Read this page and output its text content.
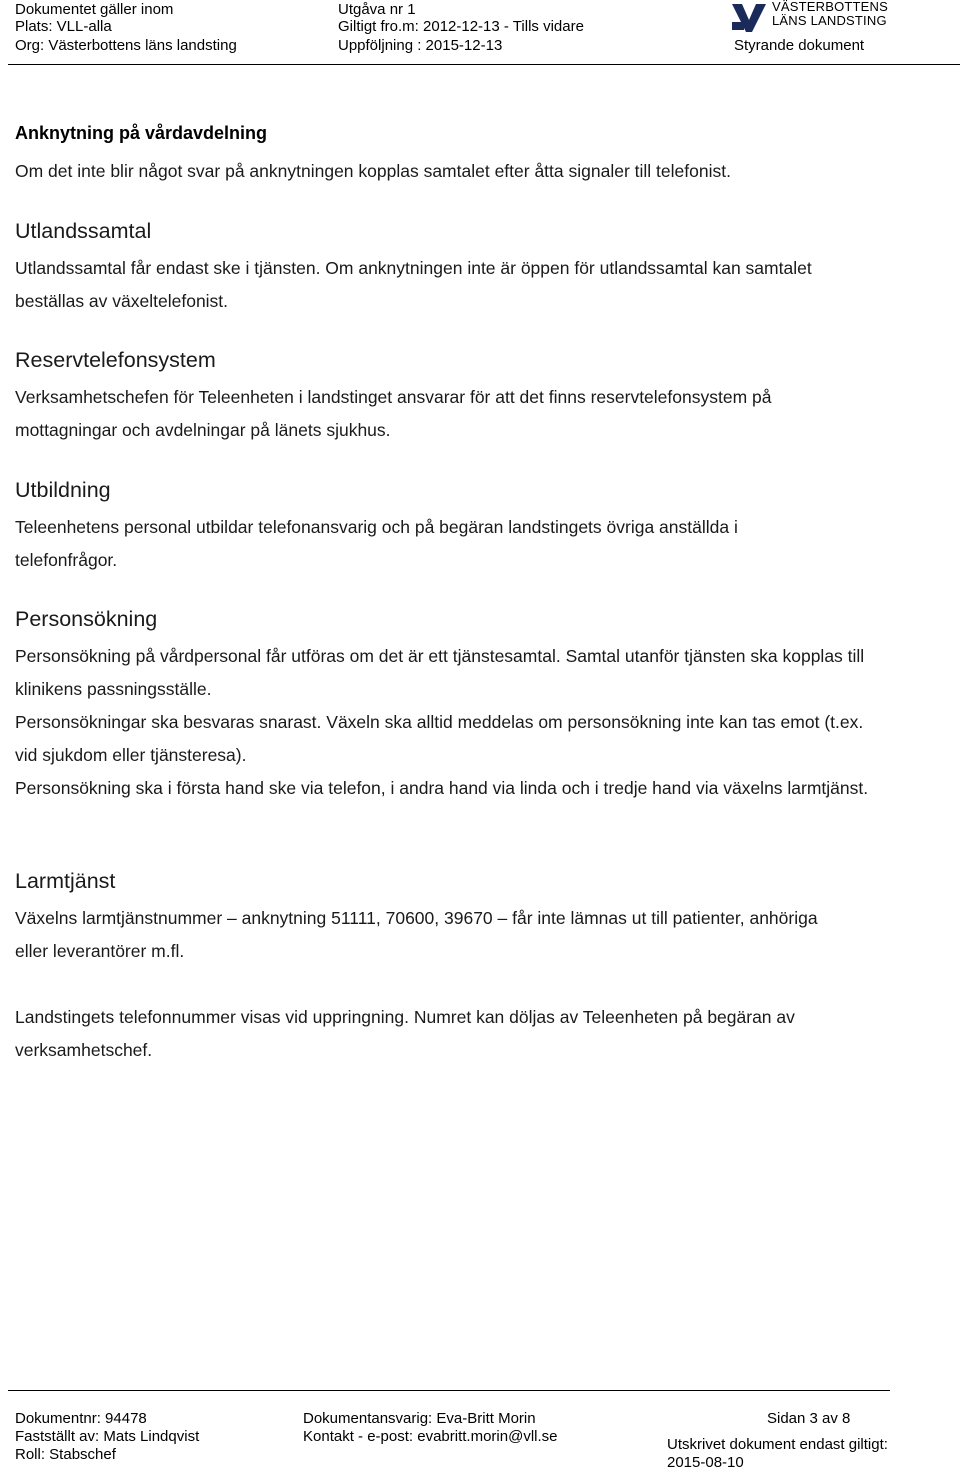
Dokumentet gäller inom
Plats: VLL-alla
Org: Västerbottens läns landsting
Utgåva nr 1
Giltigt fro.m: 2012-12-13 - Tills vidare
Uppföljning : 2015-12-13	Styrande dokument
VÄSTERBOTTENS
LÄNS LANDSTING
Anknytning på vårdavdelning
Om det inte blir något svar på anknytningen kopplas samtalet efter åtta signaler till telefonist.
Utlandssamtal
Utlandssamtal får endast ske i tjänsten. Om anknytningen inte är öppen för utlandssamtal kan samtalet beställas av växeltelefonist.
Reservtelefonsystem
Verksamhetschefen för Teleenheten i landstinget ansvarar för att det finns reservtelefonsystem på mottagningar och avdelningar på länets sjukhus.
Utbildning
Teleenhetens personal utbildar telefonansvarig och på begäran landstingets övriga anställda i telefonfrågor.
Personsökning
Personsökning på vårdpersonal får utföras om det är ett tjänstesamtal. Samtal utanför tjänsten ska kopplas till klinikens passningsställe.
Personsökningar ska besvaras snarast. Växeln ska alltid meddelas om personsökning inte kan tas emot (t.ex. vid sjukdom eller tjänsteresa).
Personsökning ska i första hand ske via telefon, i andra hand via linda och i tredje hand via växelns larmtjänst.
Larmtjänst
Växelns larmtjänstnummer – anknytning 51111, 70600, 39670 – får inte lämnas ut till patienter, anhöriga eller leverantörer m.fl.
Landstingets telefonnummer visas vid uppringning. Numret kan döljas av Teleenheten på begäran av verksamhetschef.
Dokumentnr: 94478
Fastställt av: Mats Lindqvist
Roll: Stabschef
Dokumentansvarig: Eva-Britt Morin
Kontakt - e-post: evabritt.morin@vll.se
Sidan 3 av 8
Utskrivet dokument endast giltigt:
2015-08-10
